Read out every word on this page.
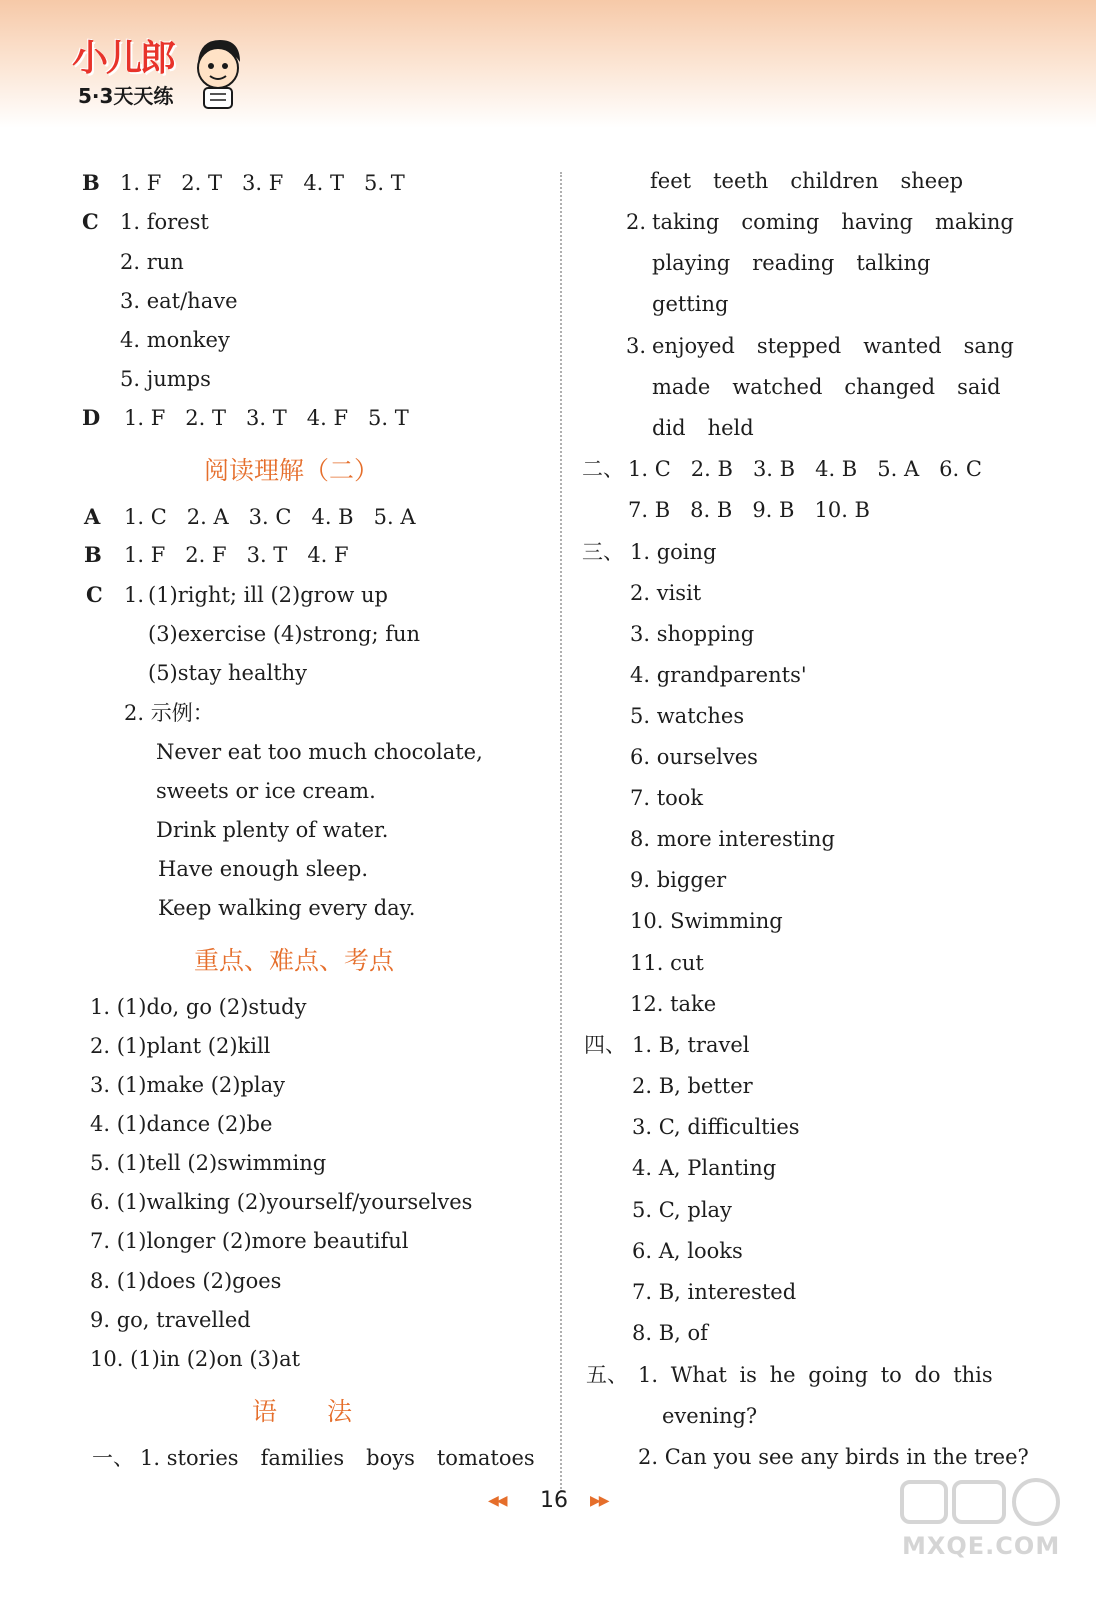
小儿郎
5·3天天练
B 1. F 2. T 3. F 4. T 5. T
C 1. forest
2. run
3. eat/have
4. monkey
5. jumps
D 1. F 2. T 3. T 4. F 5. T
阅读理解（二）
A 1. C 2. A 3. C 4. B 5. A
B 1. F 2. F 3. T 4. F
C 1. (1)right; ill (2)grow up
(3)exercise (4)strong; fun
(5)stay healthy
2. 示例：
Never eat too much chocolate,
sweets or ice cream.
Drink plenty of water.
Have enough sleep.
Keep walking every day.
重点、难点、考点
1. (1)do, go (2)study
2. (1)plant (2)kill
3. (1)make (2)play
4. (1)dance (2)be
5. (1)tell (2)swimming
6. (1)walking (2)yourself/yourselves
7. (1)longer (2)more beautiful
8. (1)does (2)goes
9. go, travelled
10. (1)in (2)on (3)at
语　　法
一、 1. stories families boys tomatoes
feet teeth children sheep
2. taking coming having making
playing reading talking
getting
3. enjoyed stepped wanted sang
made watched changed said
did held
二、 1. C 2. B 3. B 4. B 5. A 6. C
7. B 8. B 9. B 10. B
三、 1. going
2. visit
3. shopping
4. grandparents'
5. watches
6. ourselves
7. took
8. more interesting
9. bigger
10. Swimming
11. cut
12. take
四、 1. B, travel
2. B, better
3. C, difficulties
4. A, Planting
5. C, play
6. A, looks
7. B, interested
8. B, of
五、 1. What is he going to do this
evening?
2. Can you see any birds in the tree?
◀◀ 16 ▶▶
MXQE.COM
